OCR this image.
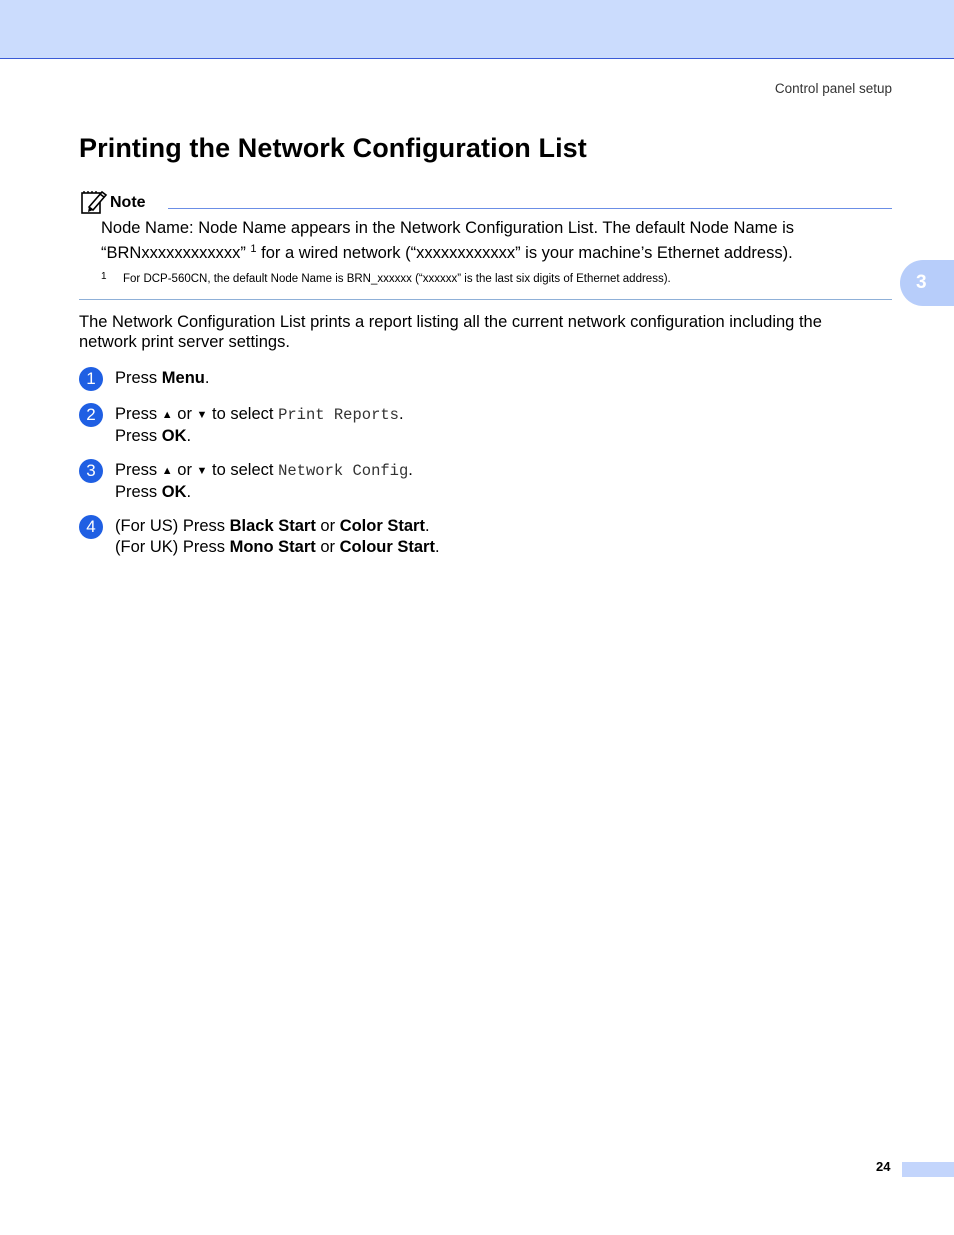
Control panel setup
3
Printing the Network Configuration List
Note
Node Name: Node Name appears in the Network Configuration List. The default Node Name is
“BRNxxxxxxxxxxxx” $^1$ for a wired network (“xxxxxxxxxxxx” is your machine’s Ethernet address).
1 For DCP-560CN, the default Node Name is BRN_xxxxxx (“xxxxxx” is the last six digits of Ethernet address).
The Network Configuration List prints a report listing all the current network configuration including the network print server settings.
1	Press Menu.
2	Press ▲ or ▼ to select Print Reports.
Press OK.
3	Press ▲ or ▼ to select Network Config.
Press OK.
4	(For US) Press Black Start or Color Start.
(For UK) Press Mono Start or Colour Start.
24
